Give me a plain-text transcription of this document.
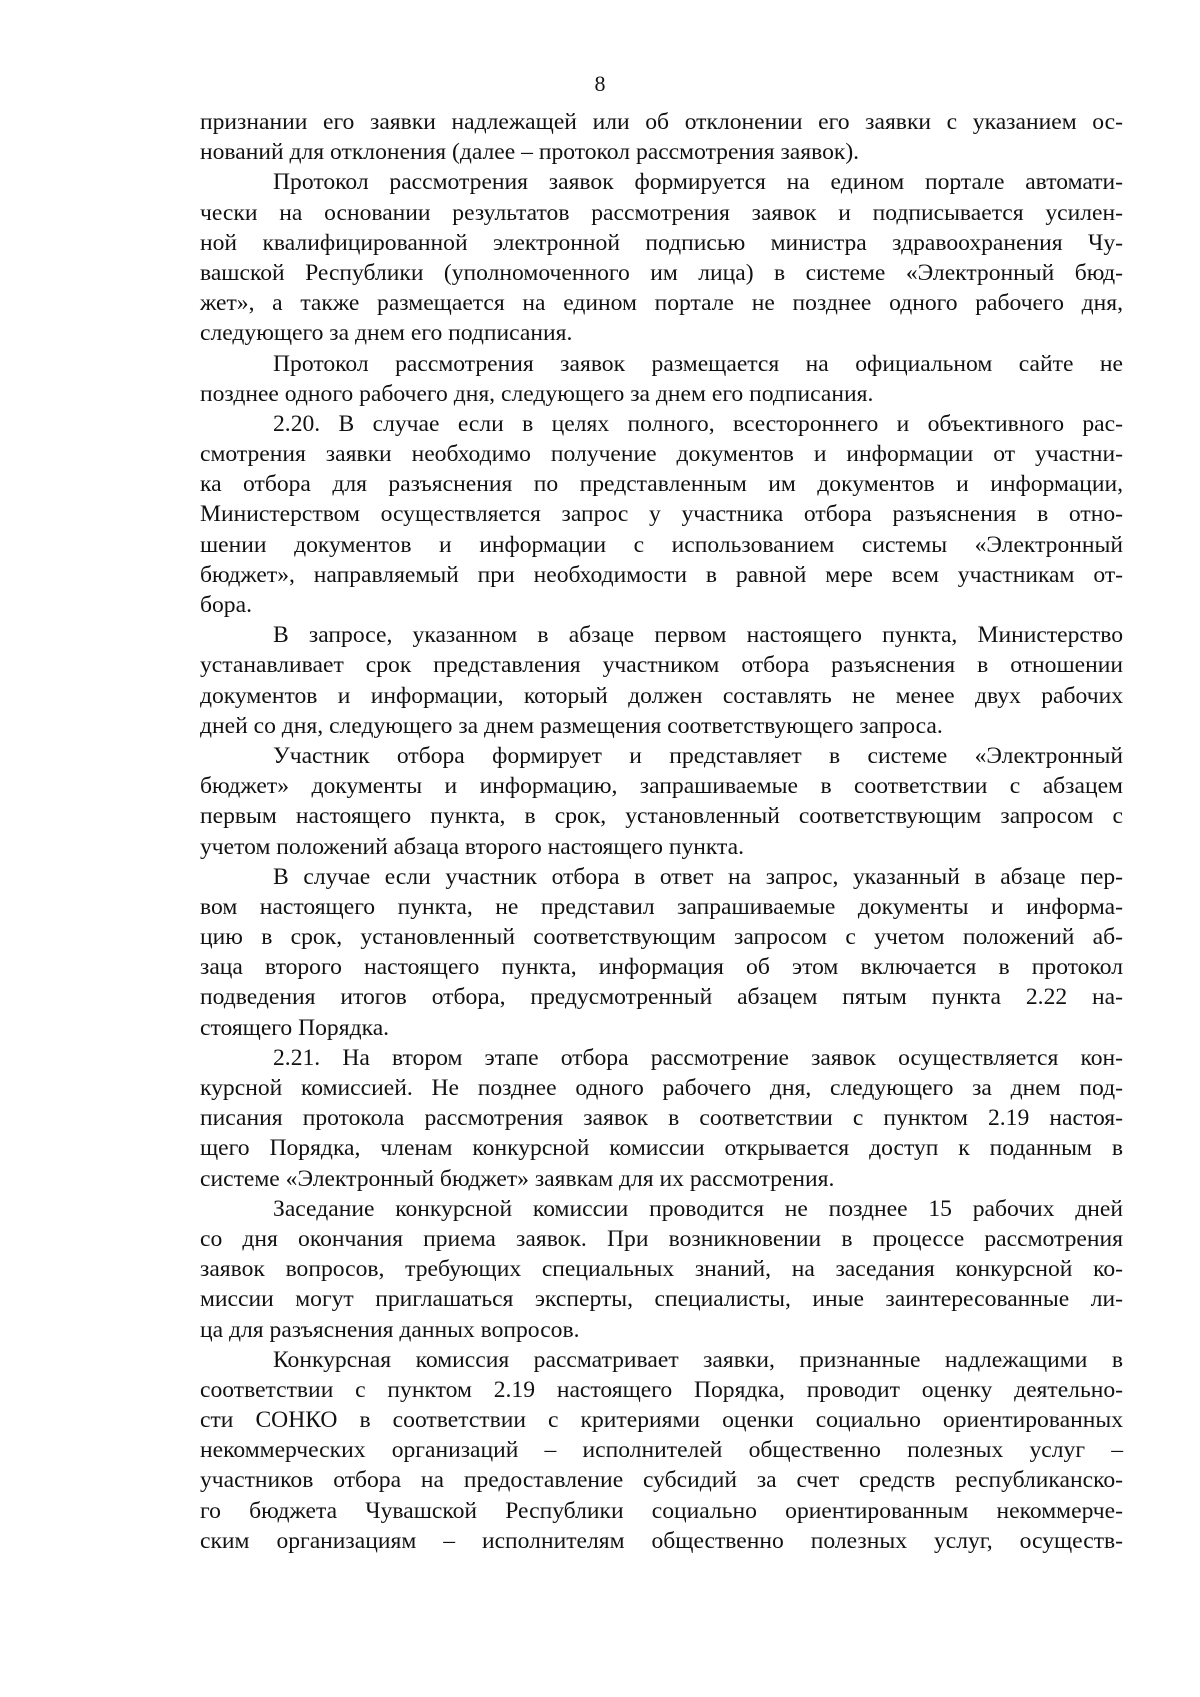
8
признании его заявки надлежащей или об отклонении его заявки с указанием ос-
нований для отклонения (далее – протокол рассмотрения заявок).
Протокол рассмотрения заявок формируется на едином портале автомати-
чески на основании результатов рассмотрения заявок и подписывается усилен-
ной квалифицированной электронной подписью министра здравоохранения Чу-
вашской Республики (уполномоченного им лица) в системе «Электронный бюд-
жет», а также размещается на едином портале не позднее одного рабочего дня,
следующего за днем его подписания.
Протокол рассмотрения заявок размещается на официальном сайте не
позднее одного рабочего дня, следующего за днем его подписания.
2.20. В случае если в целях полного, всестороннего и объективного рас-
смотрения заявки необходимо получение документов и информации от участни-
ка отбора для разъяснения по представленным им документов и информации,
Министерством осуществляется запрос у участника отбора разъяснения в отно-
шении документов и информации с использованием системы «Электронный
бюджет», направляемый при необходимости в равной мере всем участникам от-
бора.
В запросе, указанном в абзаце первом настоящего пункта, Министерство
устанавливает срок представления участником отбора разъяснения в отношении
документов и информации, который должен составлять не менее двух рабочих
дней со дня, следующего за днем размещения соответствующего запроса.
Участник отбора формирует и представляет в системе «Электронный
бюджет» документы и информацию, запрашиваемые в соответствии с абзацем
первым настоящего пункта, в срок, установленный соответствующим запросом с
учетом положений абзаца второго настоящего пункта.
В случае если участник отбора в ответ на запрос, указанный в абзаце пер-
вом настоящего пункта, не представил запрашиваемые документы и информа-
цию в срок, установленный соответствующим запросом с учетом положений аб-
заца второго настоящего пункта, информация об этом включается в протокол
подведения итогов отбора, предусмотренный абзацем пятым пункта 2.22 на-
стоящего Порядка.
2.21. На втором этапе отбора рассмотрение заявок осуществляется кон-
курсной комиссией. Не позднее одного рабочего дня, следующего за днем под-
писания протокола рассмотрения заявок в соответствии с пунктом 2.19 настоя-
щего Порядка, членам конкурсной комиссии открывается доступ к поданным в
системе «Электронный бюджет» заявкам для их рассмотрения.
Заседание конкурсной комиссии проводится не позднее 15 рабочих дней
со дня окончания приема заявок. При возникновении в процессе рассмотрения
заявок вопросов, требующих специальных знаний, на заседания конкурсной ко-
миссии могут приглашаться эксперты, специалисты, иные заинтересованные ли-
ца для разъяснения данных вопросов.
Конкурсная комиссия рассматривает заявки, признанные надлежащими в
соответствии с пунктом 2.19 настоящего Порядка, проводит оценку деятельно-
сти СОНКО в соответствии с критериями оценки социально ориентированных
некоммерческих организаций – исполнителей общественно полезных услуг –
участников отбора на предоставление субсидий за счет средств республиканско-
го бюджета Чувашской Республики социально ориентированным некоммерче-
ским организациям – исполнителям общественно полезных услуг, осуществ-
